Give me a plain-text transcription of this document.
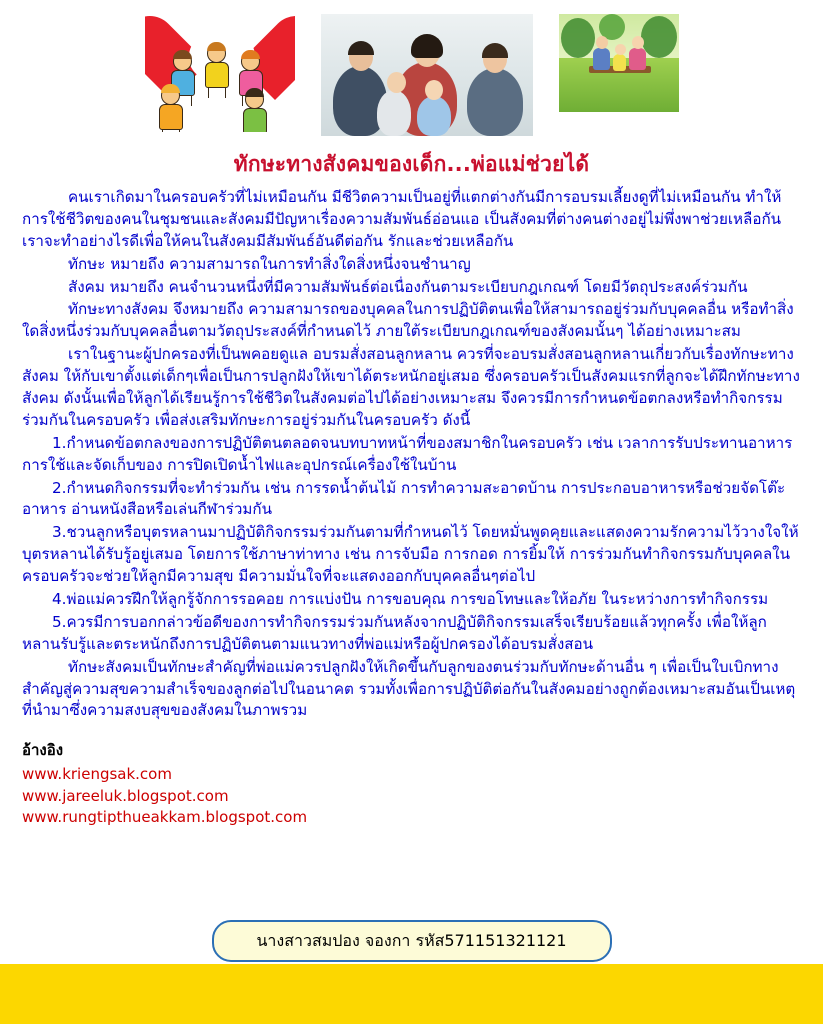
ทักษะทางสังคมของเด็ก...พ่อแม่ช่วยได้

คนเราเกิดมาในครอบครัวที่ไม่เหมือนกัน มีชีวิตความเป็นอยู่ที่แตกต่างกันมีการอบรมเลี้ยงดูที่ไม่เหมือนกัน ทำให้การใช้ชีวิตของคนในชุมชนและสังคมมีปัญหาเรื่องความสัมพันธ์อ่อนแอ เป็นสังคมที่ต่างคนต่างอยู่ไม่พึ่งพาช่วยเหลือกัน เราจะทำอย่างไรดีเพื่อให้คนในสังคมมีสัมพันธ์อันดีต่อกัน รักและช่วยเหลือกัน

ทักษะ หมายถึง ความสามารถในการทำสิ่งใดสิ่งหนึ่งจนชำนาญ

สังคม หมายถึง คนจำนวนหนึ่งที่มีความสัมพันธ์ต่อเนื่องกันตามระเบียบกฎเกณฑ์ โดยมีวัตถุประสงค์ร่วมกัน

ทักษะทางสังคม จึงหมายถึง ความสามารถของบุคคลในการปฏิบัติตนเพื่อให้สามารถอยู่ร่วมกับบุคคลอื่น หรือทำสิ่งใดสิ่งหนึ่งร่วมกับบุคคลอื่นตามวัตถุประสงค์ที่กำหนดไว้ ภายใต้ระเบียบกฎเกณฑ์ของสังคมนั้นๆ ได้อย่างเหมาะสม

เราในฐานะผู้ปกครองที่เป็นพคอยดูแล อบรมสั่งสอนลูกหลาน ควรที่จะอบรมสั่งสอนลูกหลานเกี่ยวกับเรื่องทักษะทางสังคม ให้กับเขาตั้งแต่เด็กๆเพื่อเป็นการปลูกฝังให้เขาได้ตระหนักอยู่เสมอ ซึ่งครอบครัวเป็นสังคมแรกที่ลูกจะได้ฝึกทักษะทางสังคม ดังนั้นเพื่อให้ลูกได้เรียนรู้การใช้ชีวิตในสังคมต่อไปได้อย่างเหมาะสม จึงควรมีการกำหนดข้อตกลงหรือทำกิจกรรมร่วมกันในครอบครัว เพื่อส่งเสริมทักษะการอยู่ร่วมกันในครอบครัว ดังนี้

1.กำหนดข้อตกลงของการปฏิบัติตนตลอดจนบทบาทหน้าที่ของสมาชิกในครอบครัว เช่น เวลาการรับประทานอาหาร การใช้และจัดเก็บของ การปิดเปิดน้ำไฟและอุปกรณ์เครื่องใช้ในบ้าน

2.กำหนดกิจกรรมที่จะทำร่วมกัน เช่น การรดน้ำต้นไม้ การทำความสะอาดบ้าน การประกอบอาหารหรือช่วยจัดโต๊ะอาหาร อ่านหนังสือหรือเล่นกีฬาร่วมกัน

3.ชวนลูกหรือบุตรหลานมาปฏิบัติกิจกรรมร่วมกันตามที่กำหนดไว้ โดยหมั่นพูดคุยและแสดงความรักความไว้วางใจให้บุตรหลานได้รับรู้อยู่เสมอ โดยการใช้ภาษาท่าทาง เช่น การจับมือ การกอด การยิ้มให้ การร่วมกันทำกิจกรรมกับบุคคลในครอบครัวจะช่วยให้ลูกมีความสุข มีความมั่นใจที่จะแสดงออกกับบุคคลอื่นๆต่อไป

4.พ่อแม่ควรฝึกให้ลูกรู้จักการรอคอย การแบ่งปัน การขอบคุณ การขอโทษและให้อภัย ในระหว่างการทำกิจกรรม

5.ควรมีการบอกกล่าวข้อดีของการทำกิจกรรมร่วมกันหลังจากปฏิบัติกิจกรรมเสร็จเรียบร้อยแล้วทุกครั้ง เพื่อให้ลูกหลานรับรู้และตระหนักถึงการปฏิบัติตนตามแนวทางที่พ่อแม่หรือผู้ปกครองได้อบรมสั่งสอน

ทักษะสังคมเป็นทักษะสำคัญที่พ่อแม่ควรปลูกฝังให้เกิดขึ้นกับลูกของตนร่วมกับทักษะด้านอื่น ๆ เพื่อเป็นใบเบิกทางสำคัญสู่ความสุขความสำเร็จของลูกต่อไปในอนาคต รวมทั้งเพื่อการปฏิบัติต่อกันในสังคมอย่างถูกต้องเหมาะสมอันเป็นเหตุที่นำมาซึ่งความสงบสุขของสังคมในภาพรวม

อ้างอิง
www.kriengsak.com
www.jareeluk.blogspot.com
www.rungtipthueakkam.blogspot.com
นางสาวสมปอง จองกา รหัส571151321121
